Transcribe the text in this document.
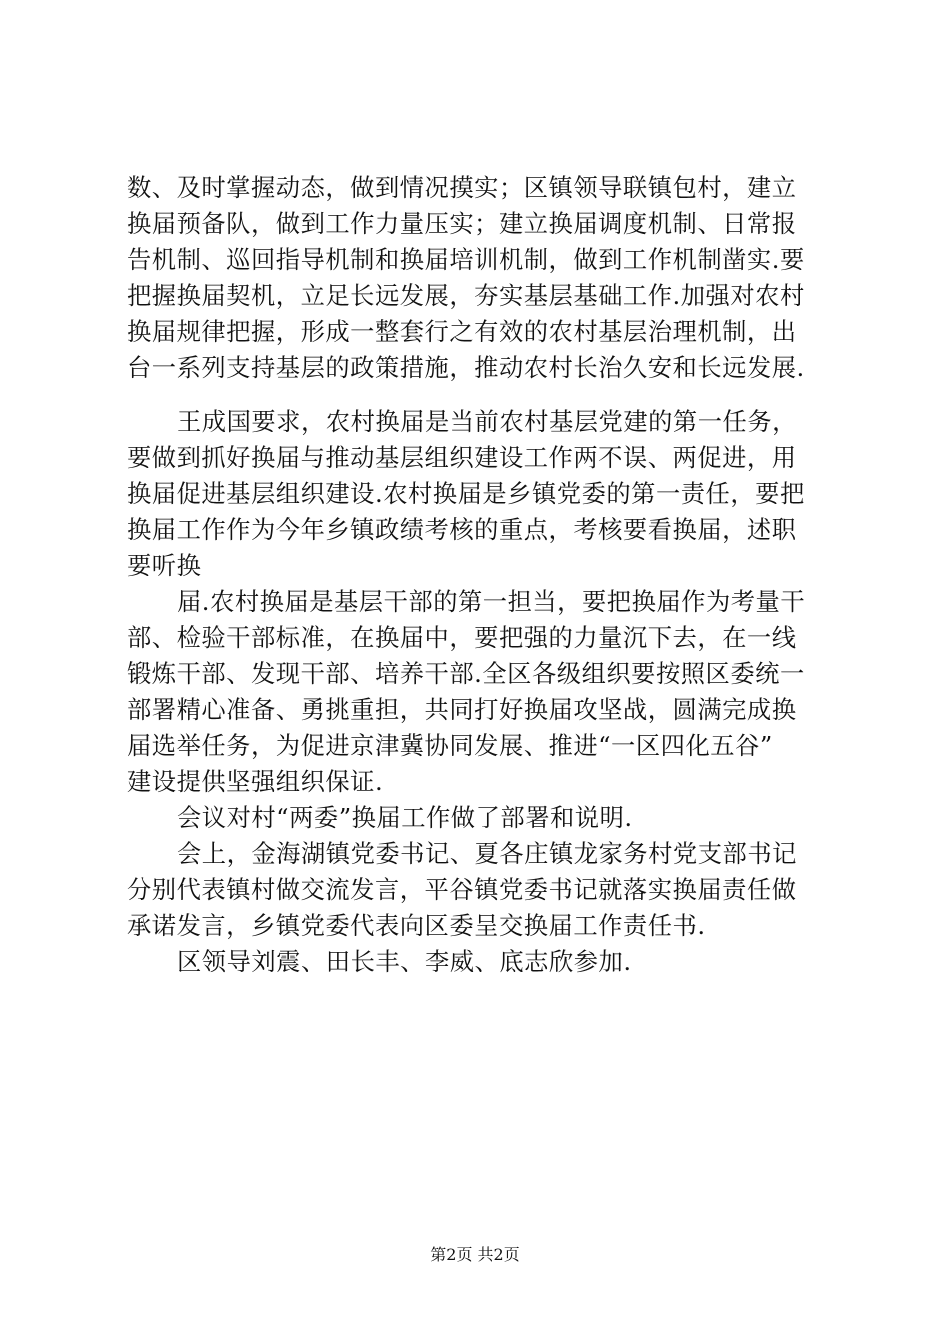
数、及时掌握动态，做到情况摸实；区镇领导联镇包村，建立
换届预备队，做到工作力量压实；建立换届调度机制、日常报
告机制、巡回指导机制和换届培训机制，做到工作机制凿实.要
把握换届契机，立足长远发展，夯实基层基础工作.加强对农村
换届规律把握，形成一整套行之有效的农村基层治理机制，出
台一系列支持基层的政策措施，推动农村长治久安和长远发展.
王成国要求，农村换届是当前农村基层党建的第一任务，
要做到抓好换届与推动基层组织建设工作两不误、两促进，用
换届促进基层组织建设.农村换届是乡镇党委的第一责任，要把
换届工作作为今年乡镇政绩考核的重点，考核要看换届，述职
要听换
届.农村换届是基层干部的第一担当，要把换届作为考量干
部、检验干部标准，在换届中，要把强的力量沉下去，在一线
锻炼干部、发现干部、培养干部.全区各级组织要按照区委统一
部署精心准备、勇挑重担，共同打好换届攻坚战，圆满完成换
届选举任务，为促进京津冀协同发展、推进“一区四化五谷”
建设提供坚强组织保证.
会议对村“两委”换届工作做了部署和说明.
会上，金海湖镇党委书记、夏各庄镇龙家务村党支部书记
分别代表镇村做交流发言，平谷镇党委书记就落实换届责任做
承诺发言，乡镇党委代表向区委呈交换届工作责任书.
区领导刘震、田长丰、李威、底志欣参加.
第2页 共2页
